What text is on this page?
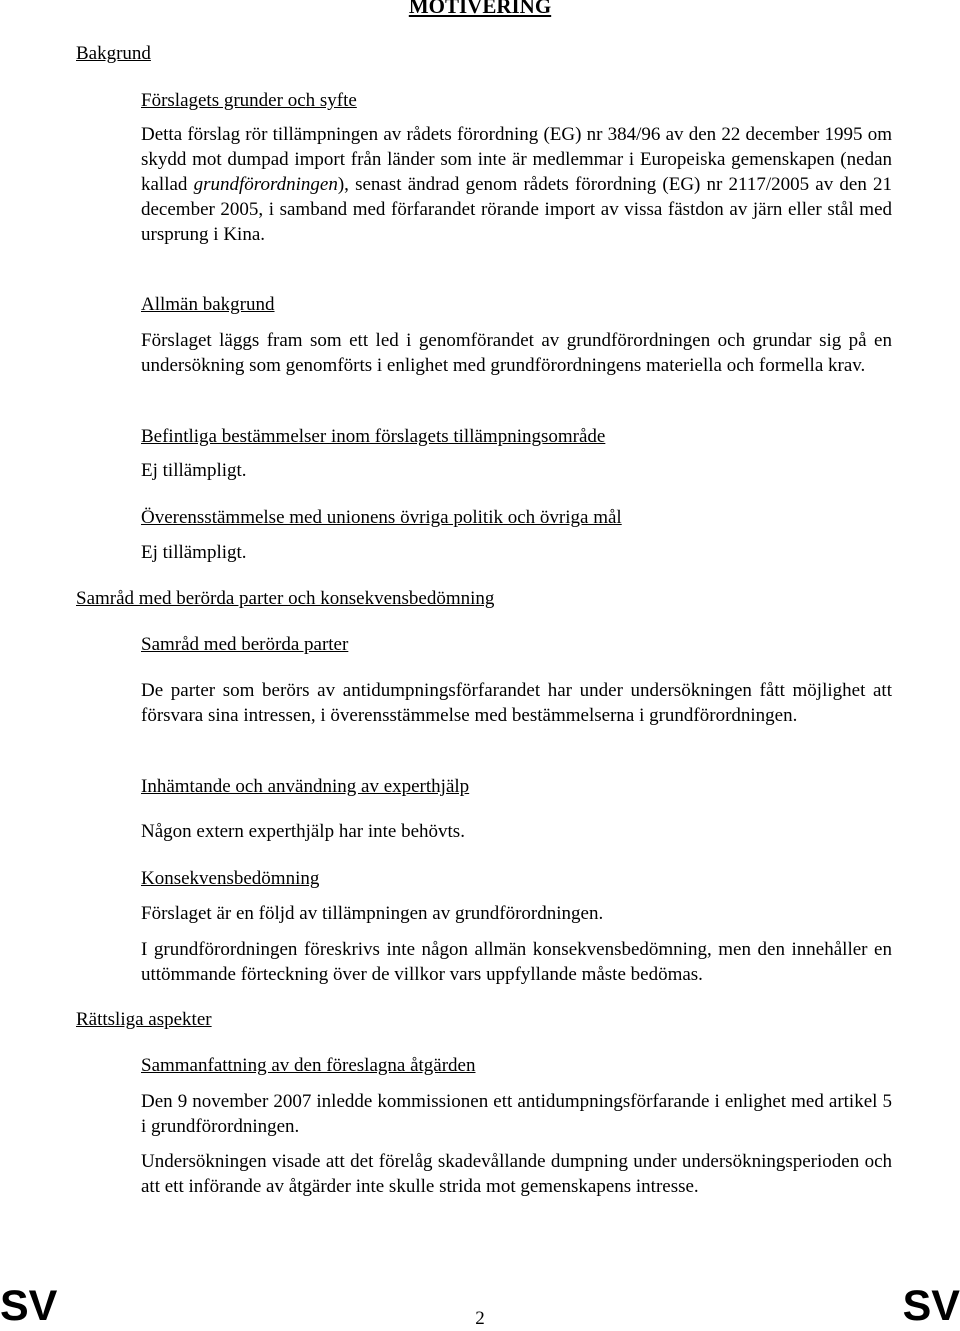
MOTIVERING
Bakgrund
Förslagets grunder och syfte
Detta förslag rör tillämpningen av rådets förordning (EG) nr 384/96 av den 22 december 1995 om skydd mot dumpad import från länder som inte är medlemmar i Europeiska gemenskapen (nedan kallad grundförordningen), senast ändrad genom rådets förordning (EG) nr 2117/2005 av den 21 december 2005, i samband med förfarandet rörande import av vissa fästdon av järn eller stål med ursprung i Kina.
Allmän bakgrund
Förslaget läggs fram som ett led i genomförandet av grundförordningen och grundar sig på en undersökning som genomförts i enlighet med grundförordningens materiella och formella krav.
Befintliga bestämmelser inom förslagets tillämpningsområde
Ej tillämpligt.
Överensstämmelse med unionens övriga politik och övriga mål
Ej tillämpligt.
Samråd med berörda parter och konsekvensbedömning
Samråd med berörda parter
De parter som berörs av antidumpningsförfarandet har under undersökningen fått möjlighet att försvara sina intressen, i överensstämmelse med bestämmelserna i grundförordningen.
Inhämtande och användning av experthjälp
Någon extern experthjälp har inte behövts.
Konsekvensbedömning
Förslaget är en följd av tillämpningen av grundförordningen.
I grundförordningen föreskrivs inte någon allmän konsekvensbedömning, men den innehåller en uttömmande förteckning över de villkor vars uppfyllande måste bedömas.
Rättsliga aspekter
Sammanfattning av den föreslagna åtgärden
Den 9 november 2007 inledde kommissionen ett antidumpningsförfarande i enlighet med artikel 5 i grundförordningen.
Undersökningen visade att det förelåg skadevållande dumpning under undersökningsperioden och att ett införande av åtgärder inte skulle strida mot gemenskapens intresse.
SV	2	SV
